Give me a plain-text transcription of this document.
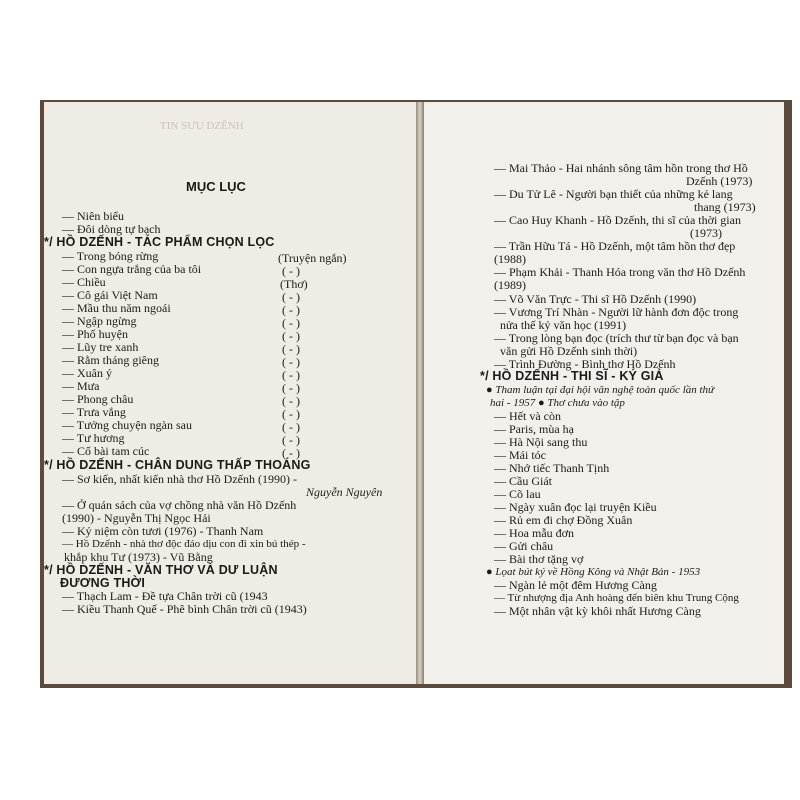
TIN SƯU DZÊNH
MỤC LỤC
— Niên biểu
— Đôi dòng tự bạch
*/ HỒ DZẾNH - TÁC PHẨM CHỌN LỌC
— Trong bóng rừng
— Con ngựa trắng của ba tôi
— Chiều
— Cô gái Việt Nam
— Mầu thu năm ngoái
— Ngập ngừng
— Phố huyện
— Lũy tre xanh
— Rằm tháng giêng
— Xuân ý
— Mưa
— Phong châu
— Trưa vắng
— Tưởng chuyện ngàn sau
— Tư hương
— Cổ bài tam cúc
(Truyện ngắn)
( - )
(Thơ)
( - )
( - )
( - )
( - )
( - )
( - )
( - )
( - )
( - )
( - )
( - )
( - )
( - )
*/ HỒ DZẾNH - CHÂN DUNG THẤP THOÁNG
— Sơ kiến, nhất kiến nhà thơ Hồ Dzếnh (1990) -
Nguyễn Nguyên
— Ở quán sách của vợ chồng nhà văn Hồ Dzếnh
(1990) - Nguyễn Thị Ngọc Hải
— Kỷ niệm còn tươi (1976) - Thanh Nam
— Hồ Dzếnh - nhà thơ độc đáo dịu con đi xin bú thép -
khắp khu Tư (1973) - Vũ Bằng
*/ HỒ DZẾNH - VĂN THƠ VÀ DƯ LUẬN
ĐƯƠNG THỜI
— Thạch Lam - Đề tựa Chân trời cũ (1943
— Kiều Thanh Quế - Phê bình Chân trời cũ (1943)
— Mai Thảo - Hai nhánh sông tâm hồn trong thơ Hồ
Dzếnh (1973)
— Du Tử Lê - Người bạn thiết của những kẻ lang
thang (1973)
— Cao Huy Khanh - Hồ Dzếnh, thi sĩ của thời gian
(1973)
— Trần Hữu Tá - Hồ Dzếnh, một tâm hồn thơ đẹp
(1988)
— Phạm Khải - Thanh Hóa trong văn thơ Hồ Dzếnh
(1989)
— Võ Văn Trực - Thi sĩ Hồ Dzếnh (1990)
— Vương Trí Nhàn - Người lữ hành đơn độc trong
nửa thế kỷ văn học (1991)
— Trong lòng bạn đọc (trích thư từ bạn đọc và bạn
văn gửi Hồ Dzếnh sinh thời)
— Trình Đường - Bình thơ Hồ Dzếnh
*/ HỒ DZẾNH - THI SĨ - KÝ GIẢ
● Tham luận tại đại hội văn nghệ toàn quốc lần thứ
hai - 1957 ● Thơ chưa vào tập
— Hết và còn
— Paris, mùa hạ
— Hà Nội sang thu
— Mái tóc
— Nhớ tiếc Thanh Tịnh
— Cầu Giát
— Cõ lau
— Ngày xuân đọc lại truyện Kiều
— Rủ em đi chợ Đồng Xuân
— Hoa mẫu đơn
— Gửi châu
— Bài thơ tặng vợ
● Lọat bút ký về Hồng Kông và Nhật Bản - 1953
— Ngàn lẻ một đêm Hương Càng
— Từ nhượng địa Anh hoàng đến biên khu Trung Cộng
— Một nhân vật kỳ khôi nhất Hương Càng
